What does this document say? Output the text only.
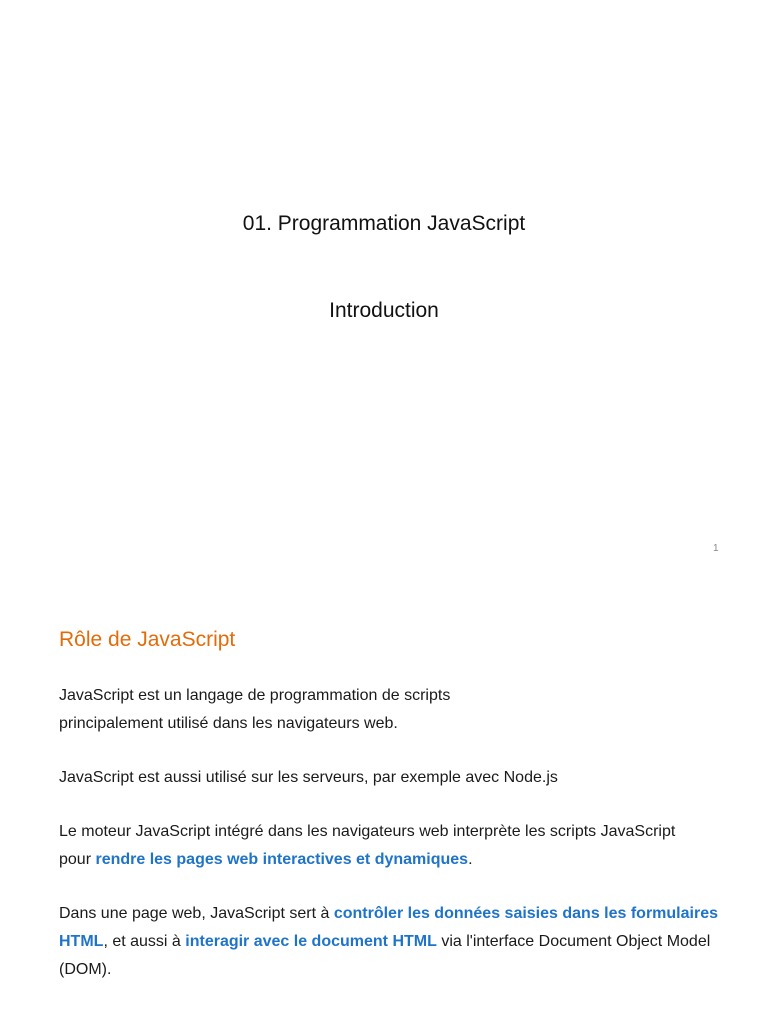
01. Programmation JavaScript
Introduction
1
Rôle de JavaScript

JavaScript est un langage de programmation de scripts
principalement utilisé dans les navigateurs web.

JavaScript est aussi utilisé sur les serveurs, par exemple avec Node.js

Le moteur JavaScript intégré dans les navigateurs web interprète les scripts JavaScript
pour rendre les pages web interactives et dynamiques.

Dans une page web, JavaScript sert à contrôler les données saisies dans les formulaires HTML, et aussi à interagir avec le document HTML via l'interface Document Object Model (DOM).
